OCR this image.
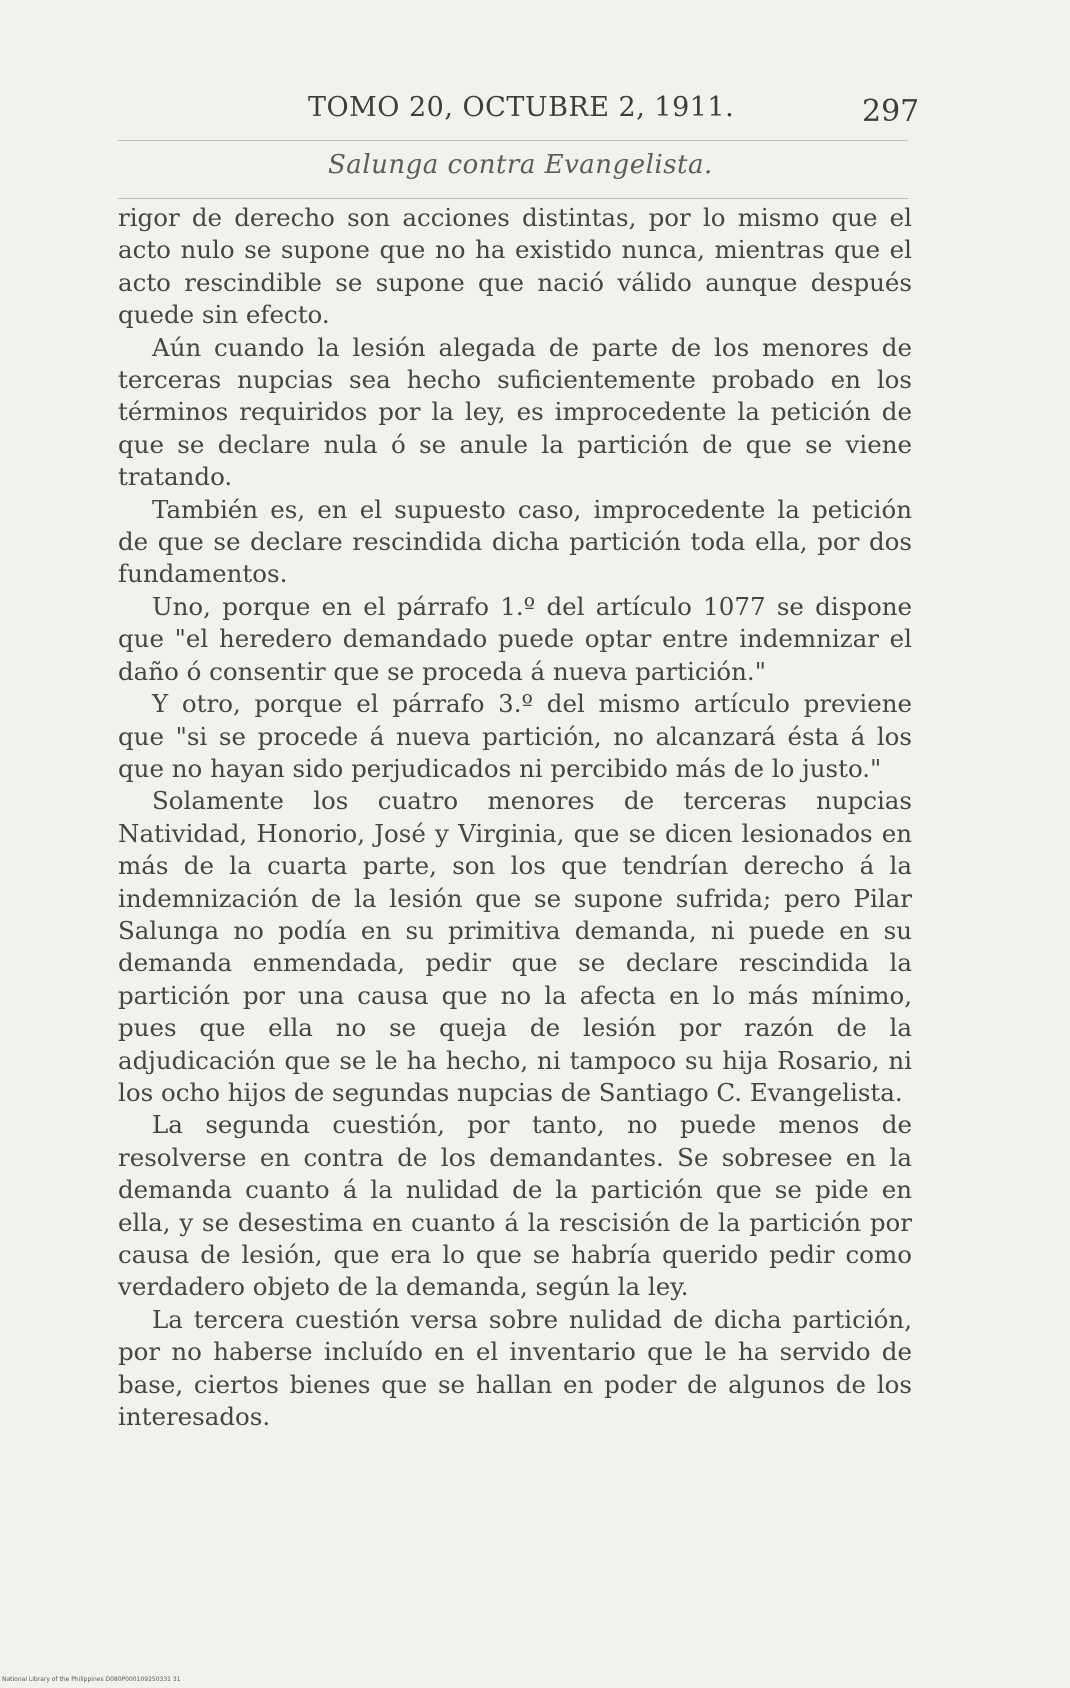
TOMO 20, OCTUBRE 2, 1911.	297
Salunga contra Evangelista.

rigor de derecho son acciones distintas, por lo mismo que el acto nulo se supone que no ha existido nunca, mientras que el acto rescindible se supone que nació válido aunque después quede sin efecto.

Aún cuando la lesión alegada de parte de los menores de terceras nupcias sea hecho suficientemente probado en los términos requiridos por la ley, es improcedente la petición de que se declare nula ó se anule la partición de que se viene tratando.

También es, en el supuesto caso, improcedente la petición de que se declare rescindida dicha partición toda ella, por dos fundamentos.

Uno, porque en el párrafo 1.º del artículo 1077 se dispone que "el heredero demandado puede optar entre indemnizar el daño ó consentir que se proceda á nueva partición."

Y otro, porque el párrafo 3.º del mismo artículo previene que "si se procede á nueva partición, no alcanzará ésta á los que no hayan sido perjudicados ni percibido más de lo justo."

Solamente los cuatro menores de terceras nupcias Natividad, Honorio, José y Virginia, que se dicen lesionados en más de la cuarta parte, son los que tendrían derecho á la indemnización de la lesión que se supone sufrida; pero Pilar Salunga no podía en su primitiva demanda, ni puede en su demanda enmendada, pedir que se declare rescindida la partición por una causa que no la afecta en lo más mínimo, pues que ella no se queja de lesión por razón de la adjudicación que se le ha hecho, ni tampoco su hija Rosario, ni los ocho hijos de segundas nupcias de Santiago C. Evangelista.

La segunda cuestión, por tanto, no puede menos de resolverse en contra de los demandantes. Se sobresee en la demanda cuanto á la nulidad de la partición que se pide en ella, y se desestima en cuanto á la rescisión de la partición por causa de lesión, que era lo que se habría querido pedir como verdadero objeto de la demanda, según la ley.

La tercera cuestión versa sobre nulidad de dicha partición, por no haberse incluído en el inventario que le ha servido de base, ciertos bienes que se hallan en poder de algunos de los interesados.

National Library of the Philippines D080P000109250331 31
